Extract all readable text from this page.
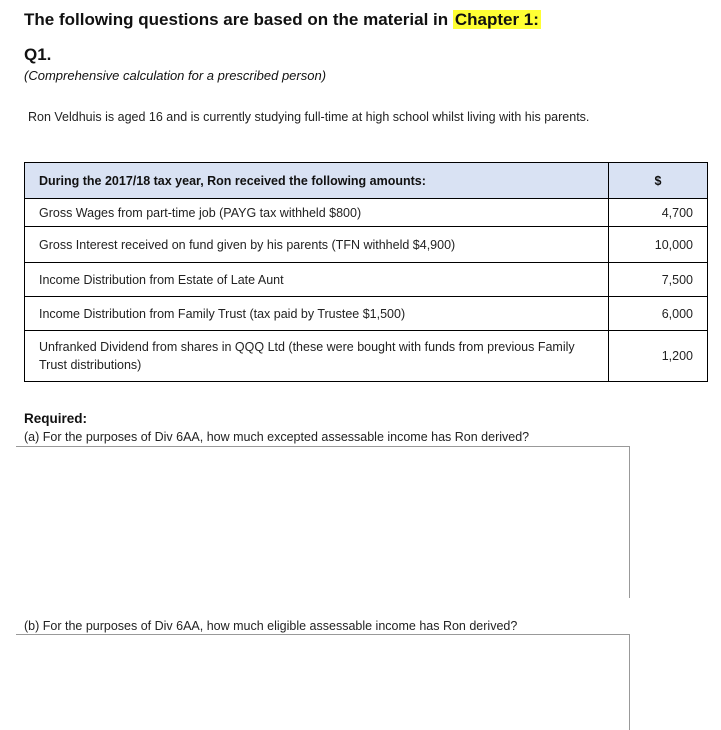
The following questions are based on the material in Chapter 1:
Q1.
(Comprehensive calculation for a prescribed person)
Ron Veldhuis is aged 16 and is currently studying full-time at high school whilst living with his parents.
During the 2017/18 tax year, Ron received the following amounts:	$
Gross Wages from part-time job (PAYG tax withheld $800)	4,700
Gross Interest received on fund given by his parents (TFN withheld $4,900)	10,000
Income Distribution from Estate of Late Aunt	7,500
Income Distribution from Family Trust (tax paid by Trustee $1,500)	6,000
Unfranked Dividend from shares in QQQ Ltd (these were bought with funds from previous Family Trust distributions)	1,200
Required:
(a) For the purposes of Div 6AA, how much excepted assessable income has Ron derived?
(b) For the purposes of Div 6AA, how much eligible assessable income has Ron derived?
